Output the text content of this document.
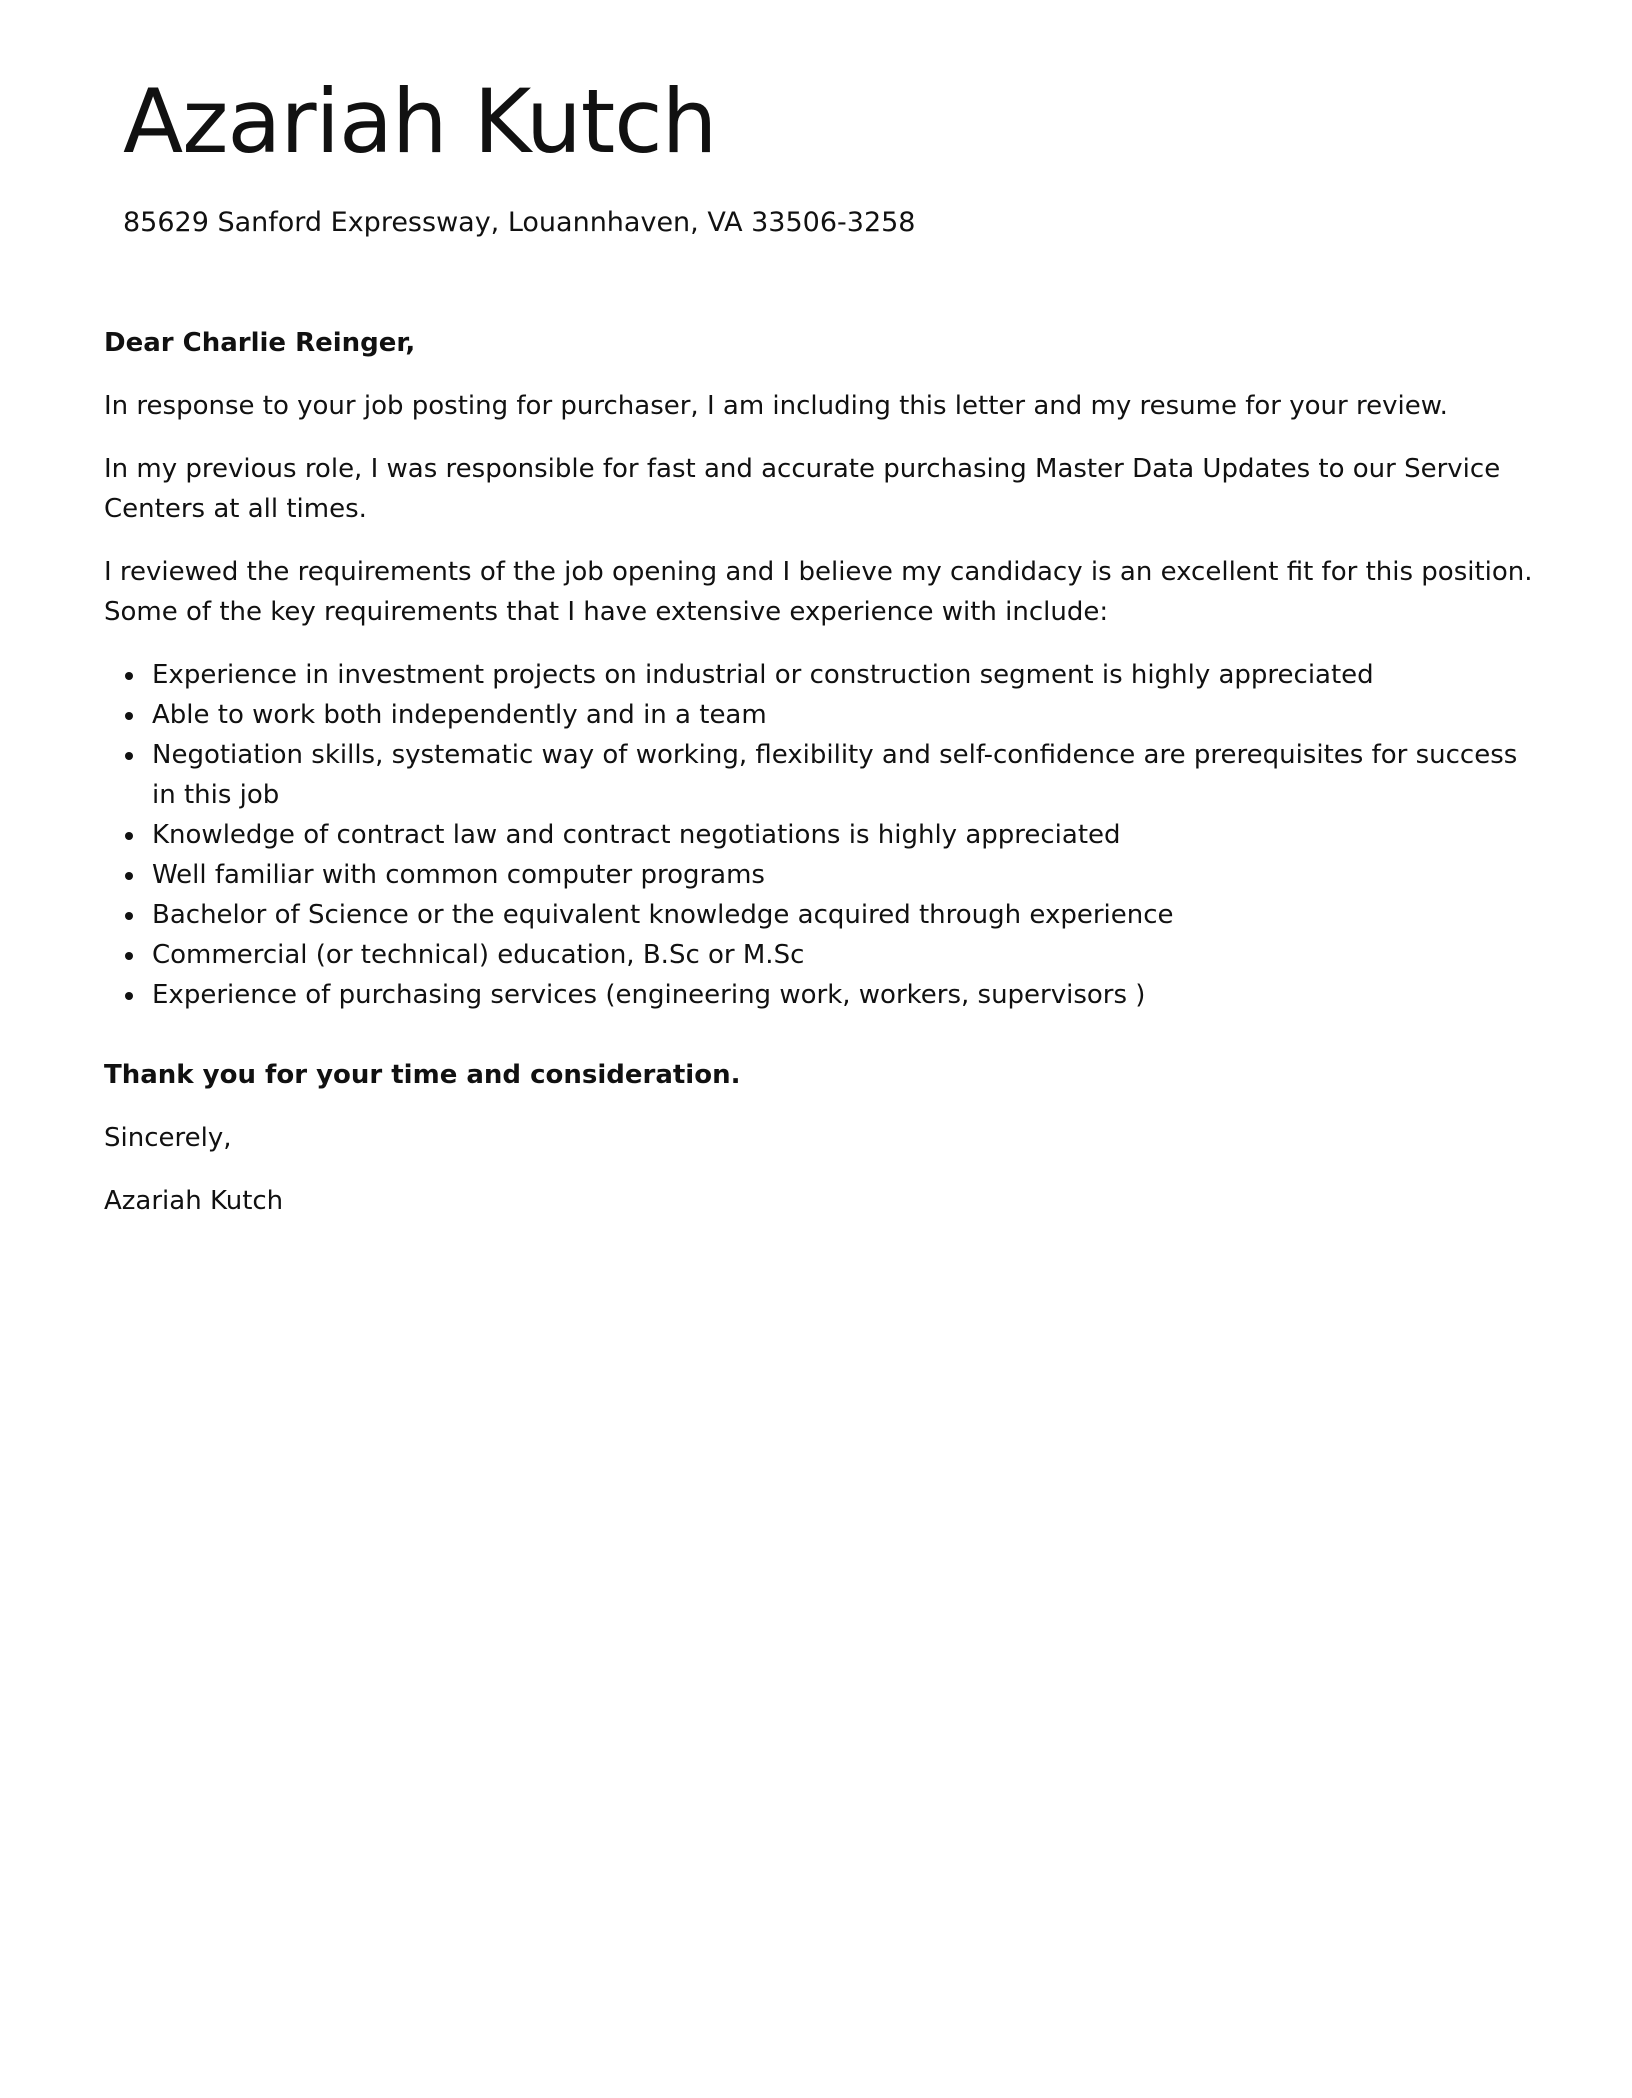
Azariah Kutch
85629 Sanford Expressway, Louannhaven, VA 33506-3258

Dear Charlie Reinger,

In response to your job posting for purchaser, I am including this letter and my resume for your review.

In my previous role, I was responsible for fast and accurate purchasing Master Data Updates to our Service Centers at all times.

I reviewed the requirements of the job opening and I believe my candidacy is an excellent fit for this position. Some of the key requirements that I have extensive experience with include:

Experience in investment projects on industrial or construction segment is highly appreciated
Able to work both independently and in a team
Negotiation skills, systematic way of working, flexibility and self-confidence are prerequisites for success in this job
Knowledge of contract law and contract negotiations is highly appreciated
Well familiar with common computer programs
Bachelor of Science or the equivalent knowledge acquired through experience
Commercial (or technical) education, B.Sc or M.Sc
Experience of purchasing services (engineering work, workers, supervisors )

Thank you for your time and consideration.

Sincerely,

Azariah Kutch
